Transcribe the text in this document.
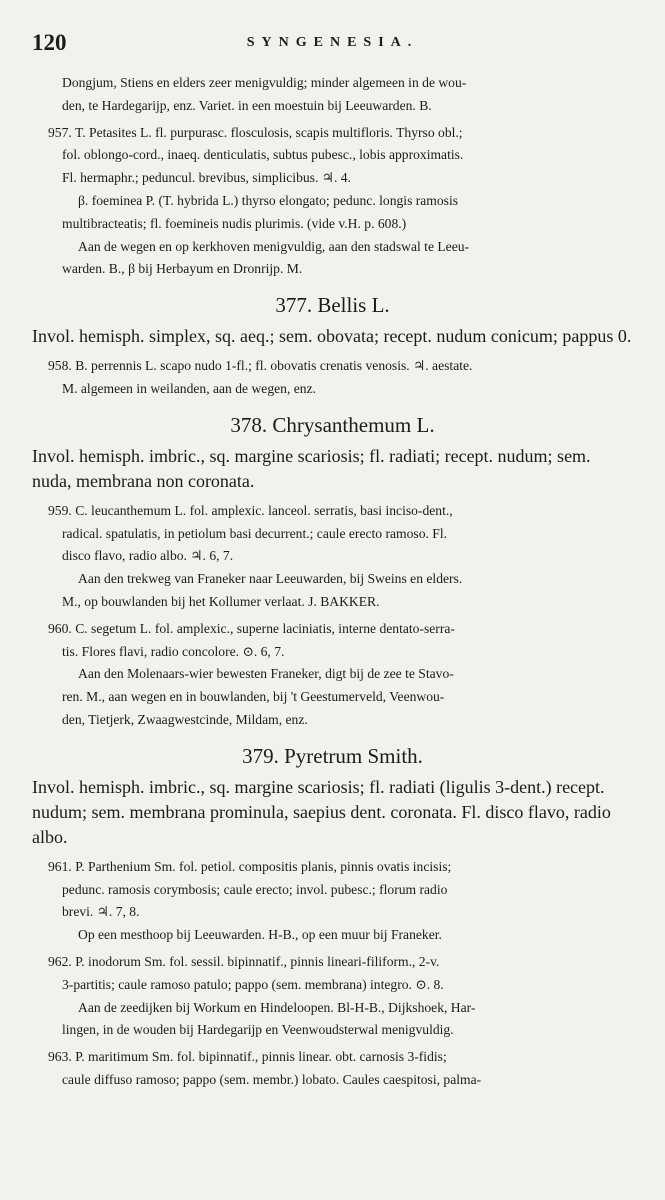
120	SYNGENESIA.

Dongjum, Stiens en elders zeer menigvuldig; minder algemeen in de wou-

den, te Hardegarijp, enz. Variet. in een moestuin bij Leeuwarden. B.

957. T. Petasites L. fl. purpurasc. flosculosis, scapis multifloris. Thyrso obl.;

fol. oblongo-cord., inaeq. denticulatis, subtus pubesc., lobis approximatis.

Fl. hermaphr.; peduncul. brevibus, simplicibus. ♃. 4.

β. foeminea P. (T. hybrida L.) thyrso elongato; pedunc. longis ramosis

multibracteatis; fl. foemineis nudis plurimis. (vide v.H. p. 608.)

Aan de wegen en op kerkhoven menigvuldig, aan den stadswal te Leeu-

warden. B., β bij Herbayum en Dronrijp. M.

377. Bellis L.

Invol. hemisph. simplex, sq. aeq.; sem. obovata; recept. nudum conicum; pappus 0.

958. B. perrennis L. scapo nudo 1-fl.; fl. obovatis crenatis venosis. ♃. aestate.

M. algemeen in weilanden, aan de wegen, enz.

378. Chrysanthemum L.

Invol. hemisph. imbric., sq. margine scariosis; fl. radiati; recept. nudum; sem. nuda, membrana non coronata.

959. C. leucanthemum L. fol. amplexic. lanceol. serratis, basi inciso-dent.,

radical. spatulatis, in petiolum basi decurrent.; caule erecto ramoso. Fl.

disco flavo, radio albo. ♃. 6, 7.

Aan den trekweg van Franeker naar Leeuwarden, bij Sweins en elders.

M., op bouwlanden bij het Kollumer verlaat. J. BAKKER.

960. C. segetum L. fol. amplexic., superne laciniatis, interne dentato-serra-

tis. Flores flavi, radio concolore. ⊙. 6, 7.

Aan den Molenaars-wier bewesten Franeker, digt bij de zee te Stavo-

ren. M., aan wegen en in bouwlanden, bij 't Geestumerveld, Veenwou-

den, Tietjerk, Zwaagwestcinde, Mildam, enz.

379. Pyretrum Smith.

Invol. hemisph. imbric., sq. margine scariosis; fl. radiati (ligulis 3-dent.) recept. nudum; sem. membrana prominula, saepius dent. coronata. Fl. disco flavo, radio albo.

961. P. Parthenium Sm. fol. petiol. compositis planis, pinnis ovatis incisis;

pedunc. ramosis corymbosis; caule erecto; invol. pubesc.; florum radio

brevi. ♃. 7, 8.

Op een mesthoop bij Leeuwarden. H-B., op een muur bij Franeker.

962. P. inodorum Sm. fol. sessil. bipinnatif., pinnis lineari-filiform., 2-v.

3-partitis; caule ramoso patulo; pappo (sem. membrana) integro. ⊙. 8.

Aan de zeedijken bij Workum en Hindeloopen. Bl-H-B., Dijkshoek, Har-

lingen, in de wouden bij Hardegarijp en Veenwoudsterwal menigvuldig.

963. P. maritimum Sm. fol. bipinnatif., pinnis linear. obt. carnosis 3-fidis;

caule diffuso ramoso; pappo (sem. membr.) lobato. Caules caespitosi, palma-
